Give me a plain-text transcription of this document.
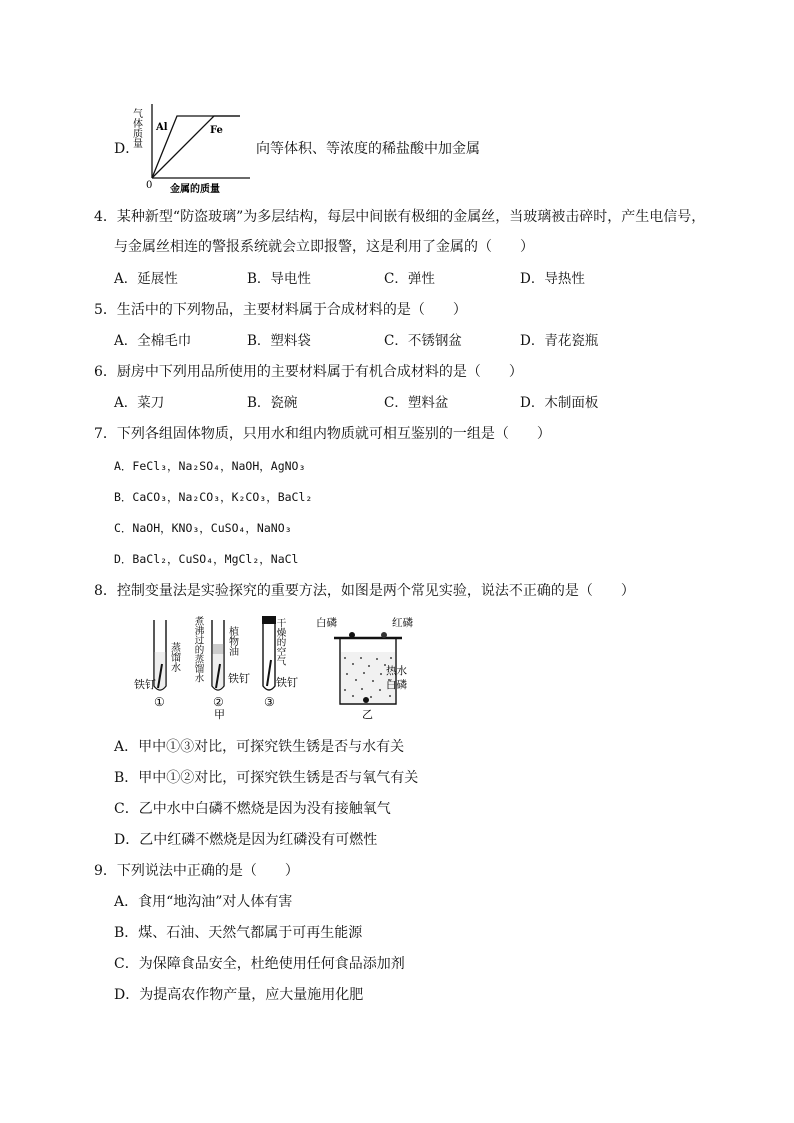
D．
气体质量 Al	Fe
0 金属的质量
向等体积、等浓度的稀盐酸中加金属
4．某种新型“防盗玻璃”为多层结构，每层中间嵌有极细的金属丝，当玻璃被击碎时，产生电信号，
与金属丝相连的警报系统就会立即报警，这是利用了金属的（　　）
A．延展性	B．导电性	C．弹性	D．导热性
5．生活中的下列物品，主要材料属于合成材料的是（　　）
A．全棉毛巾	B．塑料袋	C．不锈钢盆	D．青花瓷瓶
6．厨房中下列用品所使用的主要材料属于有机合成材料的是（　　）
A．菜刀	B．瓷碗	C．塑料盆	D．木制面板
7．下列各组固体物质，只用水和组内物质就可相互鉴别的一组是（　　）
A．FeCl₃，Na₂SO₄，NaOH，AgNO₃
B．CaCO₃，Na₂CO₃，K₂CO₃，BaCl₂
C．NaOH，KNO₃，CuSO₄，NaNO₃
D．BaCl₂，CuSO₄，MgCl₂，NaCl
8．控制变量法是实验探究的重要方法，如图是两个常见实验，说法不正确的是（　　）
铁钉
蒸馏水
①
煮沸过的蒸馏水 植物油
铁钉
②
甲
干燥的空气
铁钉
③
白磷	红磷
热水
白磷
乙
A．甲中①③对比，可探究铁生锈是否与水有关
B．甲中①②对比，可探究铁生锈是否与氧气有关
C．乙中水中白磷不燃烧是因为没有接触氧气
D．乙中红磷不燃烧是因为红磷没有可燃性
9．下列说法中正确的是（　　）
A．食用“地沟油”对人体有害
B．煤、石油、天然气都属于可再生能源
C．为保障食品安全，杜绝使用任何食品添加剂
D．为提高农作物产量，应大量施用化肥
